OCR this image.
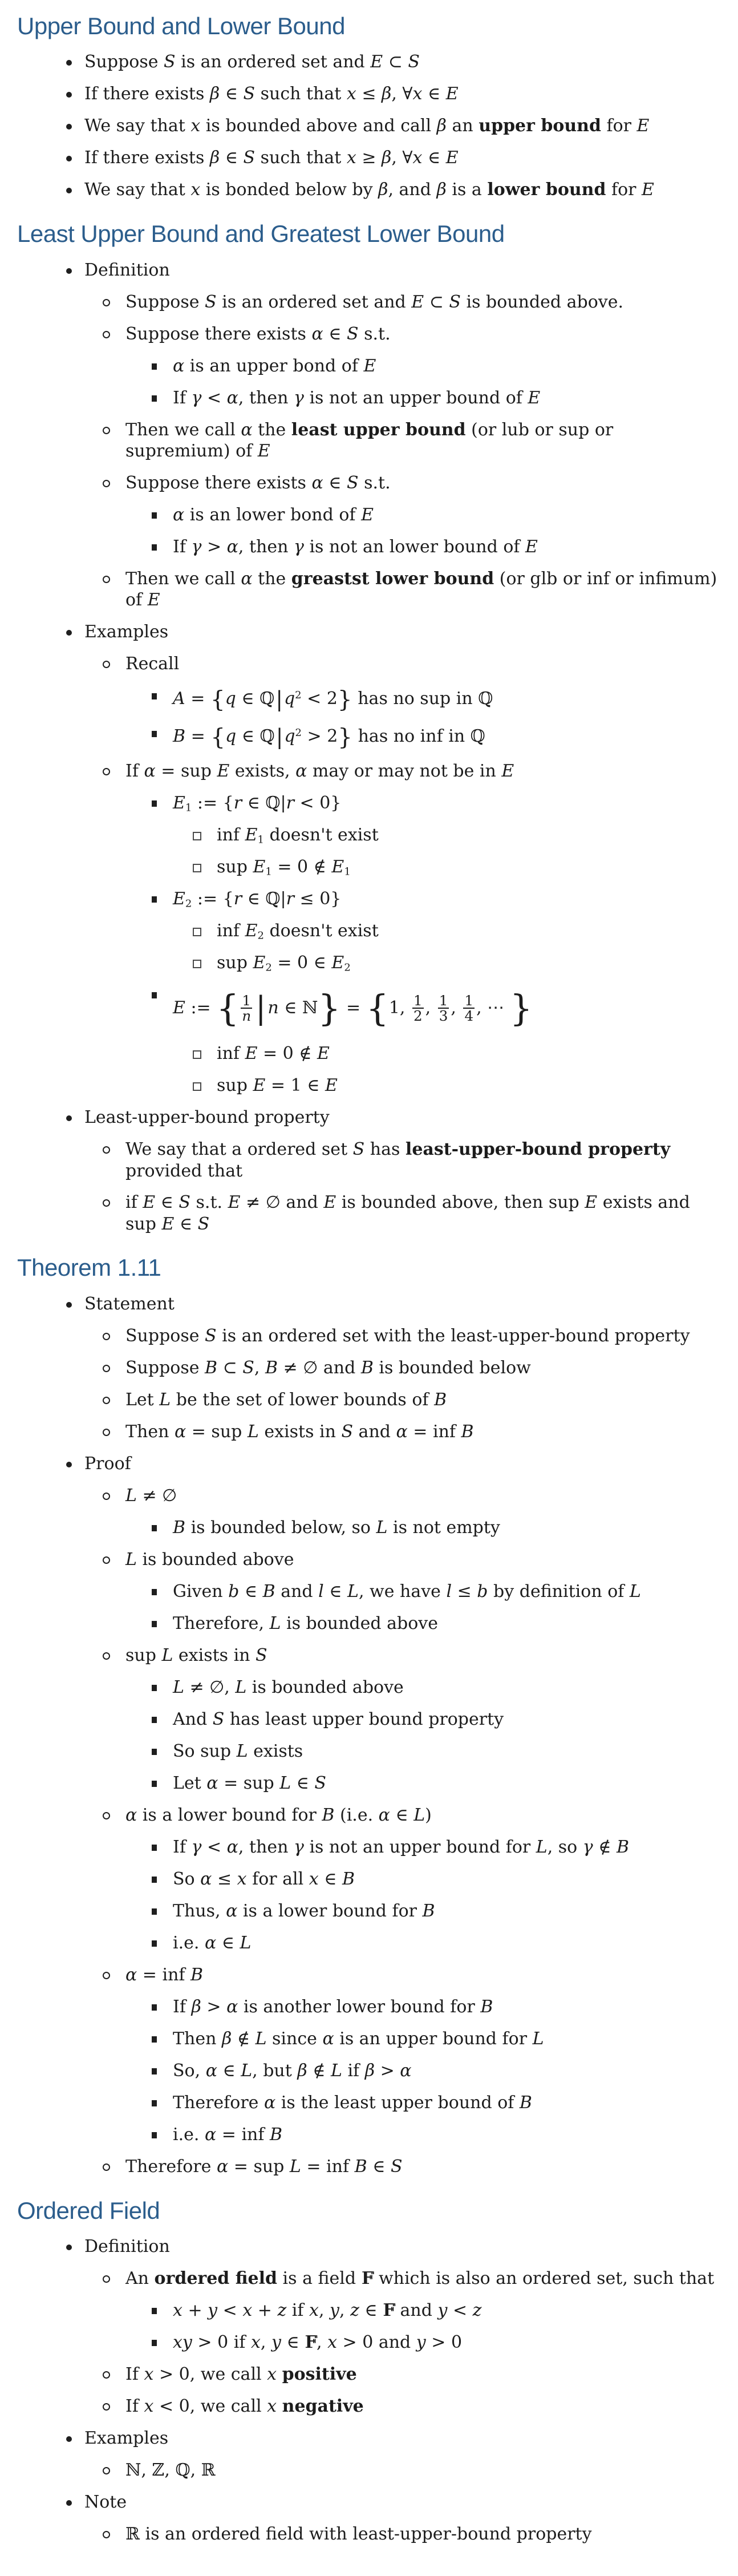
Upper Bound and Lower Bound
Suppose S is an ordered set and E ⊂ S
If there exists β ∈ S such that x ≤ β, ∀x ∈ E
We say that x is bounded above and call β an upper bound for E
If there exists β ∈ S such that x ≥ β, ∀x ∈ E
We say that x is bonded below by β, and β is a lower bound for E
Least Upper Bound and Greatest Lower Bound
Definition
Suppose S is an ordered set and E ⊂ S is bounded above.
Suppose there exists α ∈ S s.t.
α is an upper bond of E
If γ < α, then γ is not an upper bound of E
Then we call α the least upper bound (or lub or sup or supremium) of E
Suppose there exists α ∈ S s.t.
α is an lower bond of E
If γ > α, then γ is not an lower bound of E
Then we call α the greastst lower bound (or glb or inf or infimum) of E
Examples
Recall
A = {q ∈ $ℚ|q^2 < 2$} has no sup in ℚ
B = {q ∈ $ℚ|q^2 > 2$} has no inf in ℚ
If α = sup E exists, α may or may not be in E
$E_1$ := {r ∈ ℚ|r < 0}
inf $E_1$ doesn't exist
sup $E_1 = 0$ ∉ $E_1$
$E_2$ := {r ∈ ℚ|r ≤ 0}
inf $E_2$ doesn't exist
sup $E_2 = 0$ ∈ $E_2$
E := { $\frac{1}{n}$ | n ∈ ℕ} = {1, $\frac{1}{2}$ , $\frac{1}{3}$ , $\frac{1}{4}$ , ⋯ }
inf E = 0 ∉ E
sup E = 1 ∈ E
Least-upper-bound property
We say that a ordered set S has least-upper-bound property provided that
if E ∈ S s.t. E ≠ ∅ and E is bounded above, then sup E exists and sup E ∈ S
Theorem 1.11
Statement
Suppose S is an ordered set with the least-upper-bound property
Suppose B ⊂ S, B ≠ ∅ and B is bounded below
Let L be the set of lower bounds of B
Then α = sup L exists in S and α = inf B
Proof
L ≠ ∅
B is bounded below, so L is not empty
L is bounded above
Given b ∈ B and l ∈ L, we have l ≤ b by definition of L
Therefore, L is bounded above
sup L exists in S
L ≠ ∅, L is bounded above
And S has least upper bound property
So sup L exists
Let α = sup L ∈ S
α is a lower bound for B (i.e. α ∈ L)
If γ < α, then γ is not an upper bound for L, so γ ∉ B
So α ≤ x for all x ∈ B
Thus, α is a lower bound for B
i.e. α ∈ L
α = inf B
If β > α is another lower bound for B
Then β ∉ L since α is an upper bound for L
So, α ∈ L, but β ∉ L if β > α
Therefore α is the least upper bound of B
i.e. α = inf B
Therefore α = sup L = inf B ∈ S
Ordered Field
Definition
An ordered field is a field F F which is also an ordered set, such that
x + y < x + z if x, y, z ∈ F F and y < z
xy > 0 if x, y ∈ F F, x > 0 and y > 0
If x > 0, we call x positive
If x < 0, we call x negative
Examples
ℕ, ℤ, ℚ, ℝ
Note
ℝ is an ordered field with least-upper-bound property
